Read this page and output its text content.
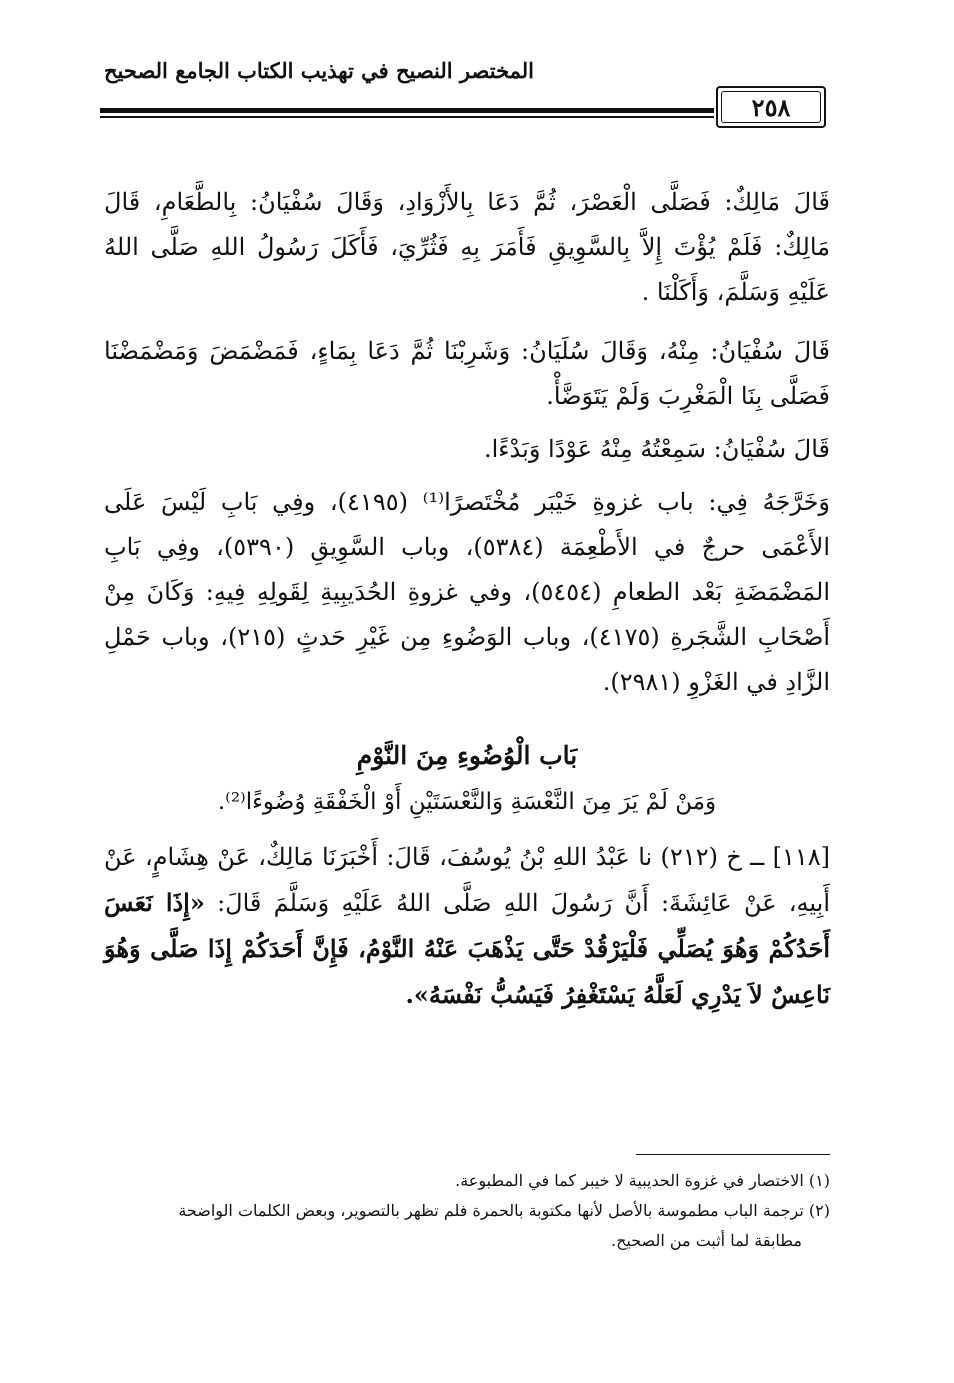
المختصر النصيح في تهذيب الكتاب الجامع الصحيح
٢٥٨

قَالَ مَالِكٌ: فَصَلَّى الْعَصْرَ، ثُمَّ دَعَا بِالأَزْوَادِ، وَقَالَ سُفْيَانُ: بِالطَّعَامِ، قَالَ مَالِكٌ: فَلَمْ يُؤْتَ إِلاَّ بِالسَّوِيقِ فَأَمَرَ بِهِ فَثُرِّيَ، فَأَكَلَ رَسُولُ اللهِ صَلَّى اللهُ عَلَيْهِ وَسَلَّمَ، وَأَكَلْنَا .

قَالَ سُفْيَانُ: مِنْهُ، وَقَالَ سُلَيَانُ: وَشَرِبْنَا ثُمَّ دَعَا بِمَاءٍ، فَمَضْمَضَ وَمَضْمَضْنَا فَصَلَّى بِنَا الْمَغْرِبَ وَلَمْ يَتَوَضَّأْ.

قَالَ سُفْيَانُ: سَمِعْتُهُ مِنْهُ عَوْدًا وَبَدْءًا.

وَخَرَّجَهُ فِي: باب غزوةِ خَيْبَر مُخْتَصرًا⁽¹⁾ (٤١٩٥)، وفِي بَابِ لَيْسَ عَلَى الأَعْمَى حرجٌ في الأَطْعِمَة (٥٣٨٤)، وباب السَّوِيقِ (٥٣٩٠)، وفِي بَابِ المَضْمَضَةِ بَعْد الطعامِ (٥٤٥٤)، وفي غزوةِ الحُدَيبِيةِ لِقَولِهِ فِيهِ: وَكَانَ مِنْ أَصْحَابِ الشَّجَرةِ (٤١٧٥)، وباب الوَضُوءِ مِن غَيْرِ حَدثٍ (٢١٥)، وباب حَمْلِ الزَّادِ في الغَزْوِ (٢٩٨١).

بَاب الْوُضُوءِ مِنَ النَّوْمِ
وَمَنْ لَمْ يَرَ مِنَ النَّعْسَةِ وَالنَّعْسَتَيْنِ أَوْ الْخَفْقَةِ وُضُوءًا⁽²⁾.

[١١٨] ــ خ (٢١٢) نا عَبْدُ اللهِ بْنُ يُوسُفَ، قَالَ: أَخْبَرَنَا مَالِكٌ، عَنْ هِشَامٍ، عَنْ أَبِيهِ، عَنْ عَائِشَةَ: أَنَّ رَسُولَ اللهِ صَلَّى اللهُ عَلَيْهِ وَسَلَّمَ قَالَ: «إِذَا نَعَسَ أَحَدُكُمْ وَهُوَ يُصَلِّي فَلْيَرْقُدْ حَتَّى يَذْهَبَ عَنْهُ النَّوْمُ، فَإِنَّ أَحَدَكُمْ إِذَا صَلَّى وَهُوَ نَاعِسٌ لاَ يَدْرِي لَعَلَّهُ يَسْتَغْفِرُ فَيَسُبُّ نَفْسَهُ».

(١) الاختصار في غزوة الحديبية لا خيبر كما في المطبوعة.

(٢) ترجمة الباب مطموسة بالأصل لأنها مكتوبة بالحمرة فلم تظهر بالتصوير، وبعض الكلمات الواضحة

مطابقة لما أثبت من الصحيح.
